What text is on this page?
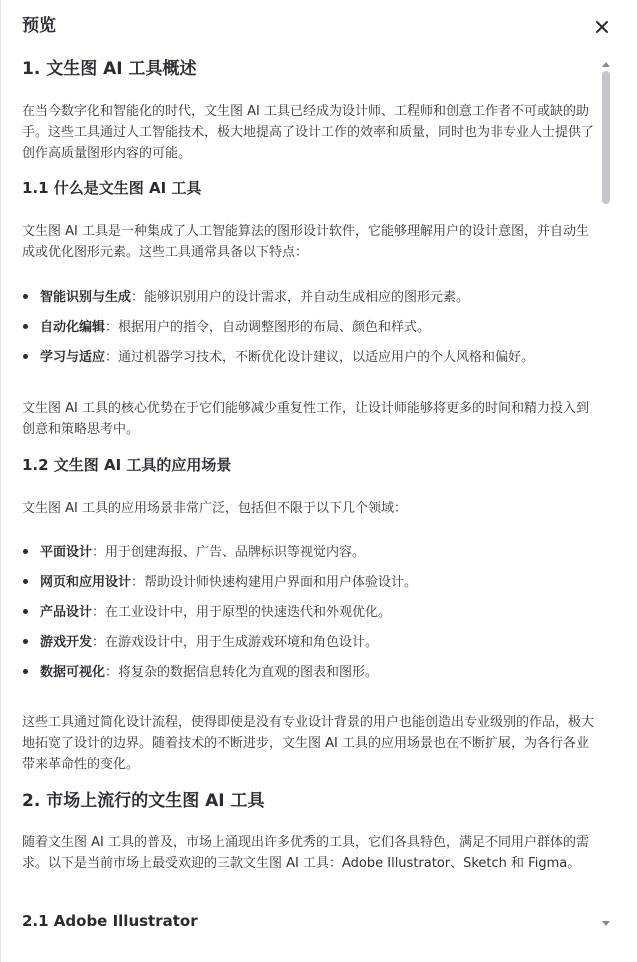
预览
1. 文生图 AI 工具概述
在当今数字化和智能化的时代，文生图 AI 工具已经成为设计师、工程师和创意工作者不可或缺的助手。这些工具通过人工智能技术，极大地提高了设计工作的效率和质量，同时也为非专业人士提供了创作高质量图形内容的可能。
1.1 什么是文生图 AI 工具
文生图 AI 工具是一种集成了人工智能算法的图形设计软件，它能够理解用户的设计意图，并自动生成或优化图形元素。这些工具通常具备以下特点：
智能识别与生成：能够识别用户的设计需求，并自动生成相应的图形元素。
自动化编辑：根据用户的指令，自动调整图形的布局、颜色和样式。
学习与适应：通过机器学习技术，不断优化设计建议，以适应用户的个人风格和偏好。
文生图 AI 工具的核心优势在于它们能够减少重复性工作，让设计师能够将更多的时间和精力投入到创意和策略思考中。
1.2 文生图 AI 工具的应用场景
文生图 AI 工具的应用场景非常广泛，包括但不限于以下几个领域：
平面设计：用于创建海报、广告、品牌标识等视觉内容。
网页和应用设计：帮助设计师快速构建用户界面和用户体验设计。
产品设计：在工业设计中，用于原型的快速迭代和外观优化。
游戏开发：在游戏设计中，用于生成游戏环境和角色设计。
数据可视化：将复杂的数据信息转化为直观的图表和图形。
这些工具通过简化设计流程，使得即使是没有专业设计背景的用户也能创造出专业级别的作品，极大地拓宽了设计的边界。随着技术的不断进步，文生图 AI 工具的应用场景也在不断扩展，为各行各业带来革命性的变化。
2. 市场上流行的文生图 AI 工具
随着文生图 AI 工具的普及，市场上涌现出许多优秀的工具，它们各具特色，满足不同用户群体的需求。以下是当前市场上最受欢迎的三款文生图 AI 工具：Adobe Illustrator、Sketch 和 Figma。
2.1 Adobe Illustrator
